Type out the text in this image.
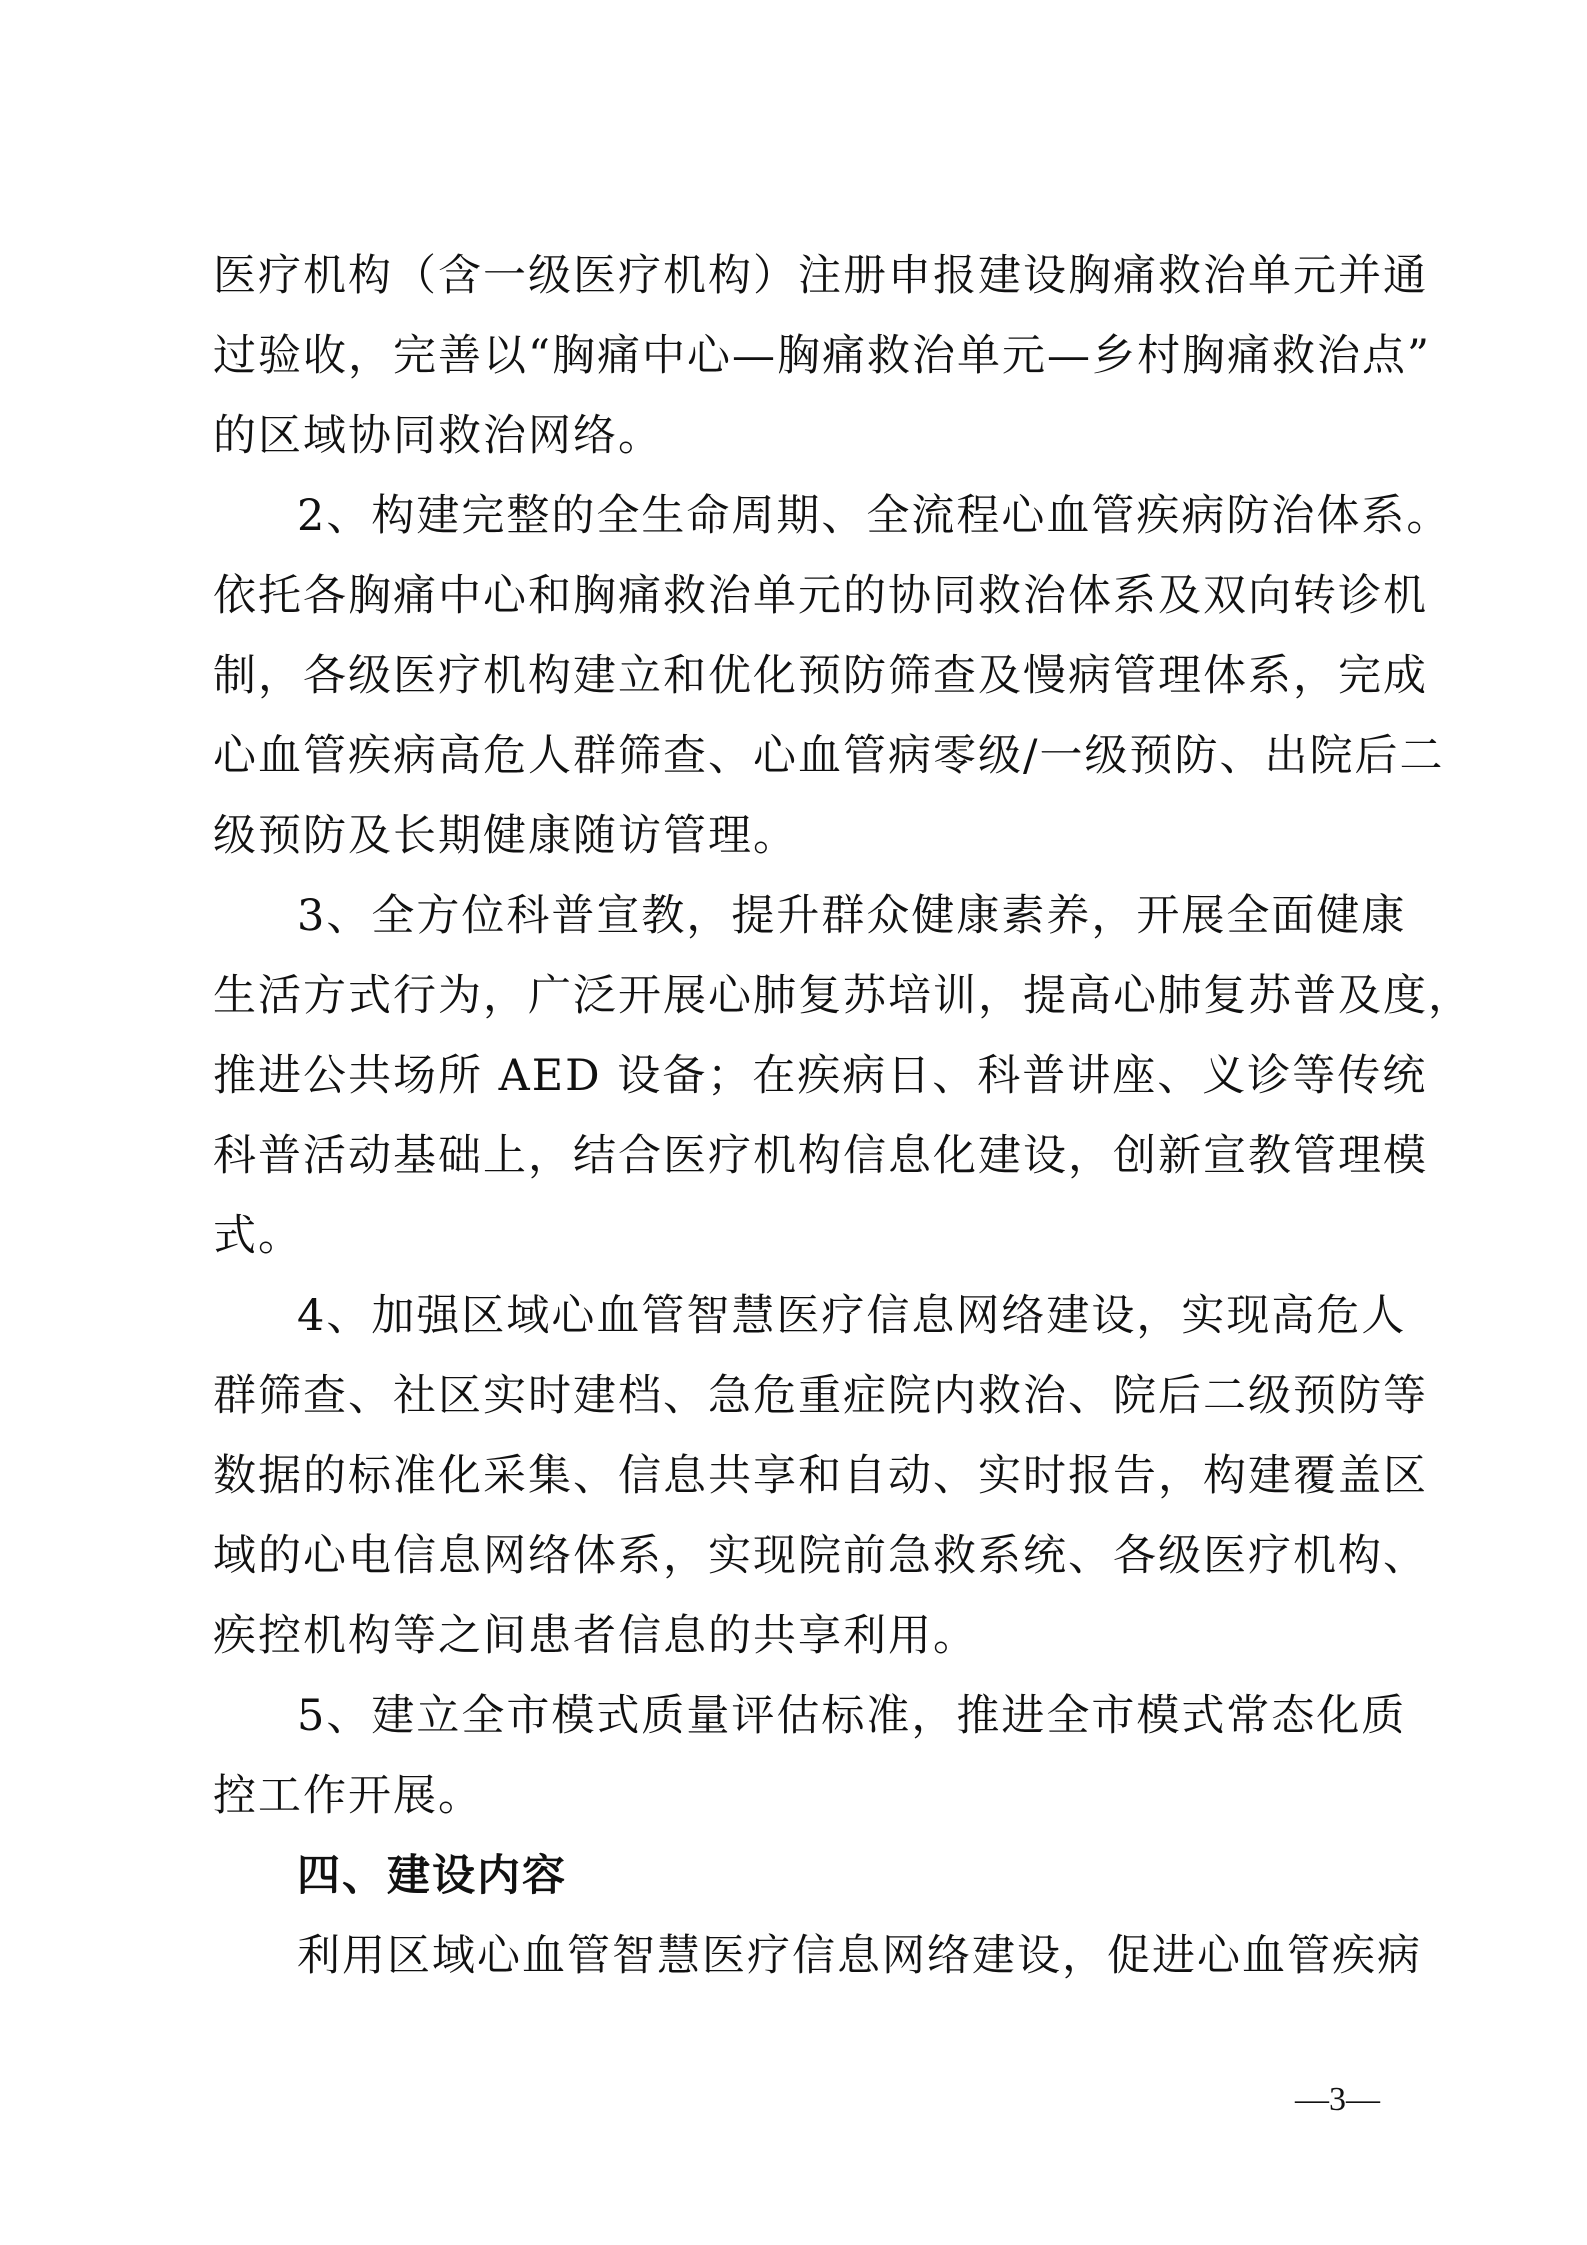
医疗机构（含一级医疗机构）注册申报建设胸痛救治单元并通
过验收，完善以“胸痛中心—胸痛救治单元—乡村胸痛救治点”
的区域协同救治网络。
2、构建完整的全生命周期、全流程心血管疾病防治体系。
依托各胸痛中心和胸痛救治单元的协同救治体系及双向转诊机
制，各级医疗机构建立和优化预防筛查及慢病管理体系，完成
心血管疾病高危人群筛查、心血管病零级/一级预防、出院后二
级预防及长期健康随访管理。
3、全方位科普宣教，提升群众健康素养，开展全面健康
生活方式行为，广泛开展心肺复苏培训，提高心肺复苏普及度，
推进公共场所 AED 设备；在疾病日、科普讲座、义诊等传统
科普活动基础上，结合医疗机构信息化建设，创新宣教管理模
式。
4、加强区域心血管智慧医疗信息网络建设，实现高危人
群筛查、社区实时建档、急危重症院内救治、院后二级预防等
数据的标准化采集、信息共享和自动、实时报告，构建覆盖区
域的心电信息网络体系，实现院前急救系统、各级医疗机构、
疾控机构等之间患者信息的共享利用。
5、建立全市模式质量评估标准，推进全市模式常态化质
控工作开展。
四、建设内容
利用区域心血管智慧医疗信息网络建设，促进心血管疾病
—3—
